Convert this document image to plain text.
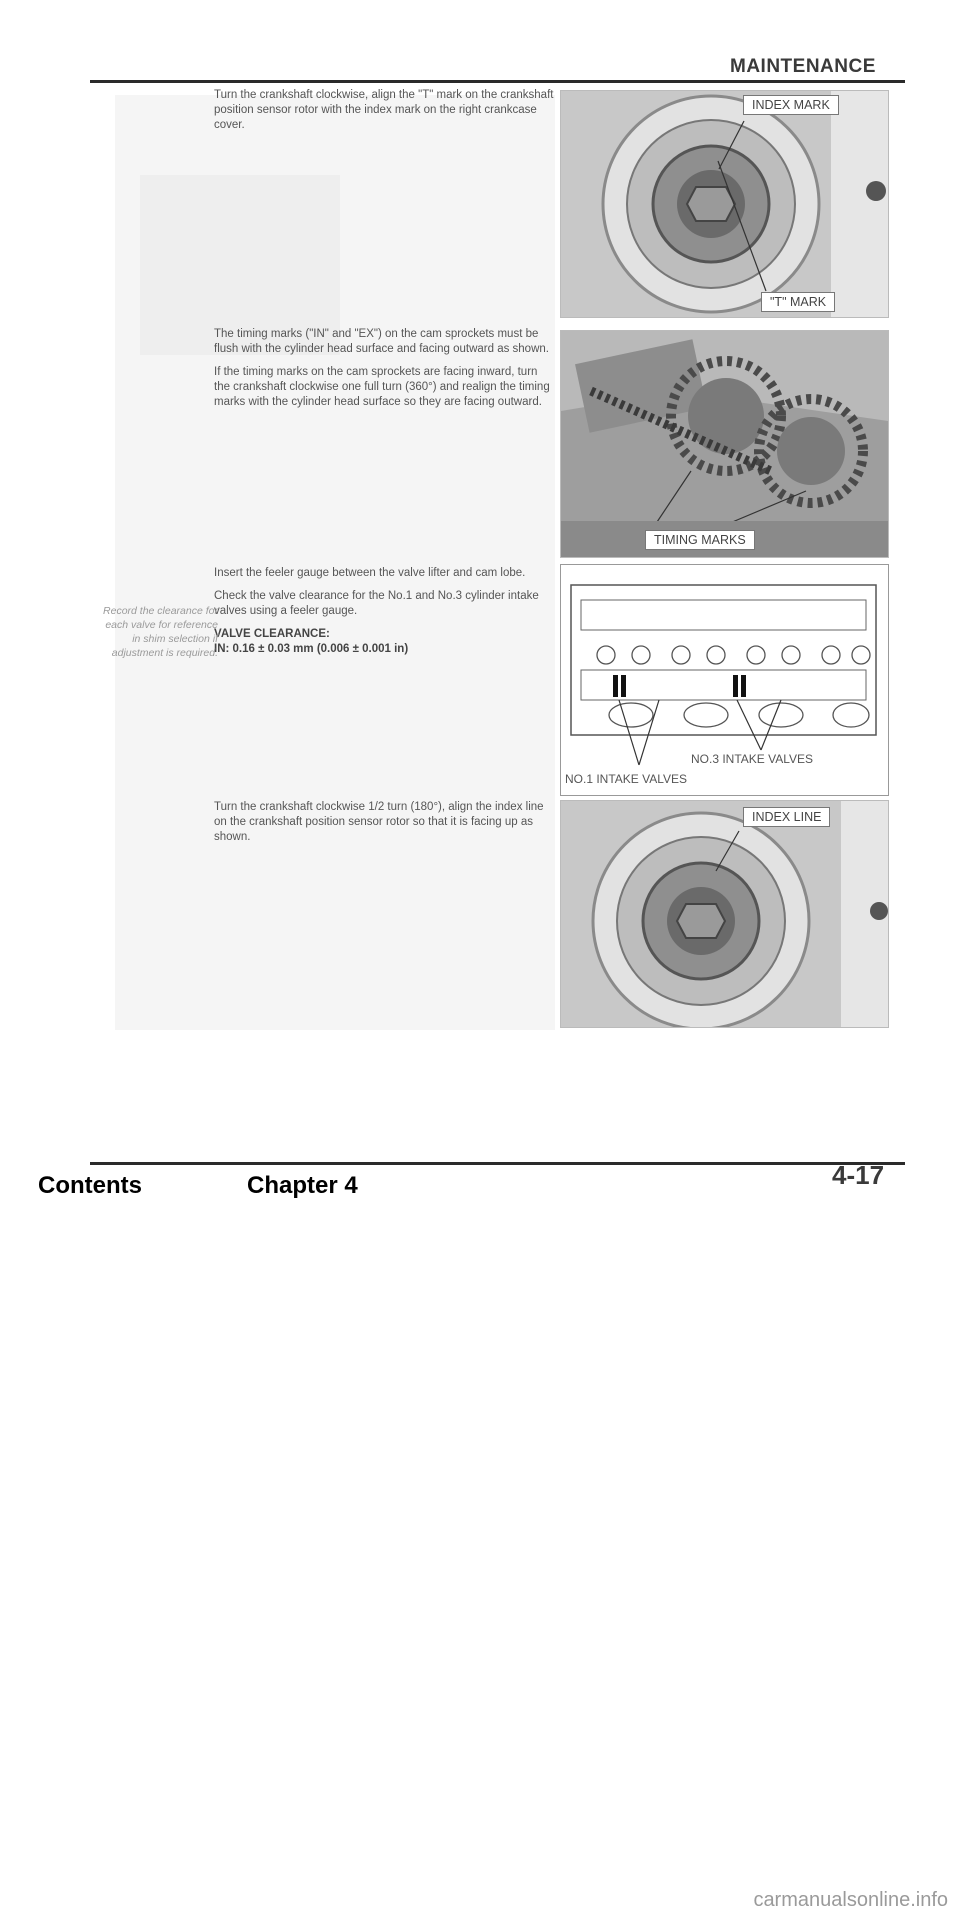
MAINTENANCE

Turn the crankshaft clockwise, align the "T" mark on the crankshaft position sensor rotor with the index mark on the right crankcase cover.

INDEX MARK
"T" MARK

The timing marks ("IN" and "EX") on the cam sprockets must be flush with the cylinder head surface and facing outward as shown.

If the timing marks on the cam sprockets are facing inward, turn the crankshaft clockwise one full turn (360°) and realign the timing marks with the cylinder head surface so they are facing outward.

TIMING MARKS

Insert the feeler gauge between the valve lifter and cam lobe.

Check the valve clearance for the No.1 and No.3 cylinder intake valves using a feeler gauge.

VALVE CLEARANCE:
IN: 0.16 ± 0.03 mm (0.006 ± 0.001 in)
Record the clearance for each valve for reference in shim selection if adjustment is required.
NO.3 INTAKE VALVES
NO.1 INTAKE VALVES

Turn the crankshaft clockwise 1/2 turn (180°), align the index line on the crankshaft position sensor rotor so that it is facing up as shown.

INDEX LINE
4-17
Contents	Chapter 4
carmanualsonline.info
